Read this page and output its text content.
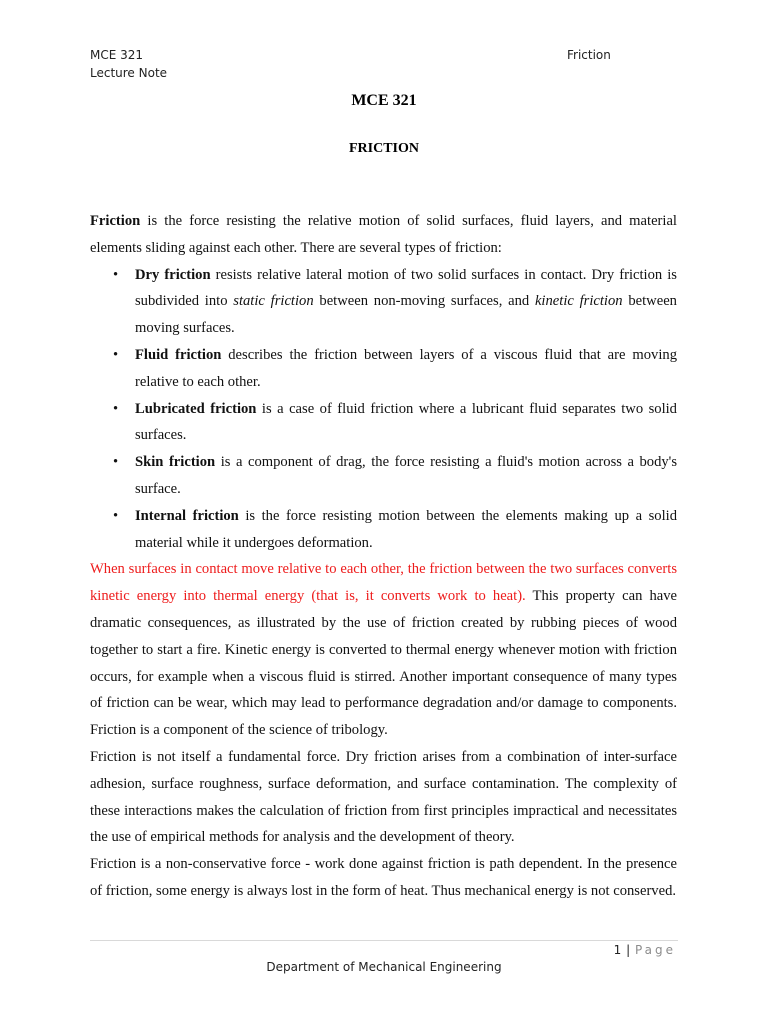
MCE 321
Lecture Note
Friction
MCE 321
FRICTION

Friction is the force resisting the relative motion of solid surfaces, fluid layers, and material elements sliding against each other. There are several types of friction:

• Dry friction resists relative lateral motion of two solid surfaces in contact. Dry friction is subdivided into static friction between non-moving surfaces, and kinetic friction between moving surfaces.
• Fluid friction describes the friction between layers of a viscous fluid that are moving relative to each other.
• Lubricated friction is a case of fluid friction where a lubricant fluid separates two solid surfaces.
• Skin friction is a component of drag, the force resisting a fluid's motion across a body's surface.
• Internal friction is the force resisting motion between the elements making up a solid material while it undergoes deformation.

When surfaces in contact move relative to each other, the friction between the two surfaces converts kinetic energy into thermal energy (that is, it converts work to heat). This property can have dramatic consequences, as illustrated by the use of friction created by rubbing pieces of wood together to start a fire. Kinetic energy is converted to thermal energy whenever motion with friction occurs, for example when a viscous fluid is stirred. Another important consequence of many types of friction can be wear, which may lead to performance degradation and/or damage to components. Friction is a component of the science of tribology.

Friction is not itself a fundamental force. Dry friction arises from a combination of inter-surface adhesion, surface roughness, surface deformation, and surface contamination. The complexity of these interactions makes the calculation of friction from first principles impractical and necessitates the use of empirical methods for analysis and the development of theory.

Friction is a non-conservative force - work done against friction is path dependent. In the presence of friction, some energy is always lost in the form of heat. Thus mechanical energy is not conserved.

1 | Page
Department of Mechanical Engineering
